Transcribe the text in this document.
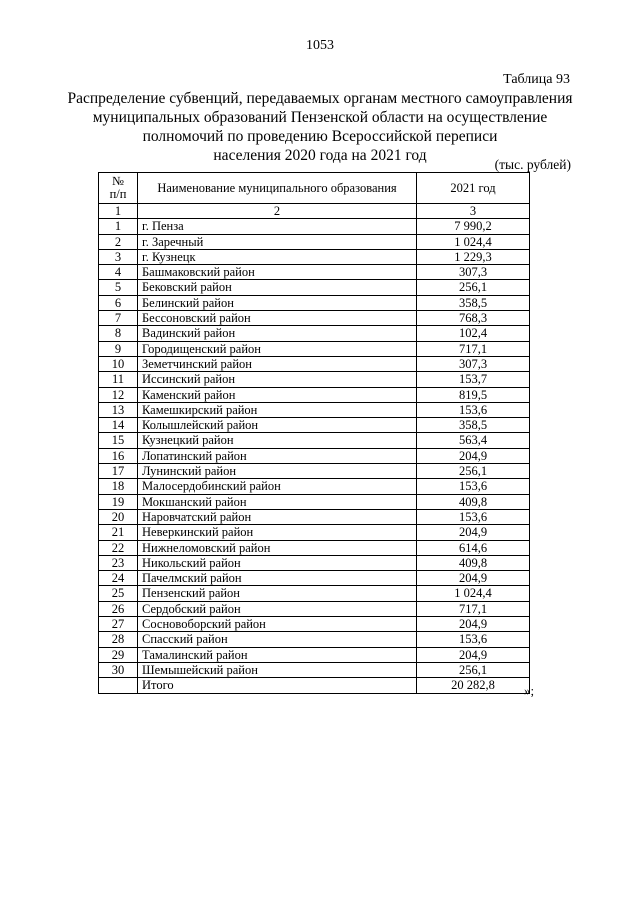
1053
Таблица 93
Распределение субвенций, передаваемых органам местного самоуправления
муниципальных образований Пензенской области на осуществление
полномочий по проведению Всероссийской переписи
населения 2020 года на 2021 год
(тыс. рублей)
№
п/п	Наименование муниципального образования	2021 год
1	2	3
1	г. Пенза	7 990,2
2	г. Заречный	1 024,4
3	г. Кузнецк	1 229,3
4	Башмаковский район	307,3
5	Бековский район	256,1
6	Белинский район	358,5
7	Бессоновский район	768,3
8	Вадинский район	102,4
9	Городищенский район	717,1
10	Земетчинский район	307,3
11	Иссинский район	153,7
12	Каменский район	819,5
13	Камешкирский район	153,6
14	Колышлейский район	358,5
15	Кузнецкий район	563,4
16	Лопатинский район	204,9
17	Лунинский район	256,1
18	Малосердобинский район	153,6
19	Мокшанский район	409,8
20	Наровчатский район	153,6
21	Неверкинский район	204,9
22	Нижнеломовский район	614,6
23	Никольский район	409,8
24	Пачелмский район	204,9
25	Пензенский район	1 024,4
26	Сердобский район	717,1
27	Сосновоборский район	204,9
28	Спасский район	153,6
29	Тамалинский район	204,9
30	Шемышейский район	256,1
	Итого	20 282,8 »;
